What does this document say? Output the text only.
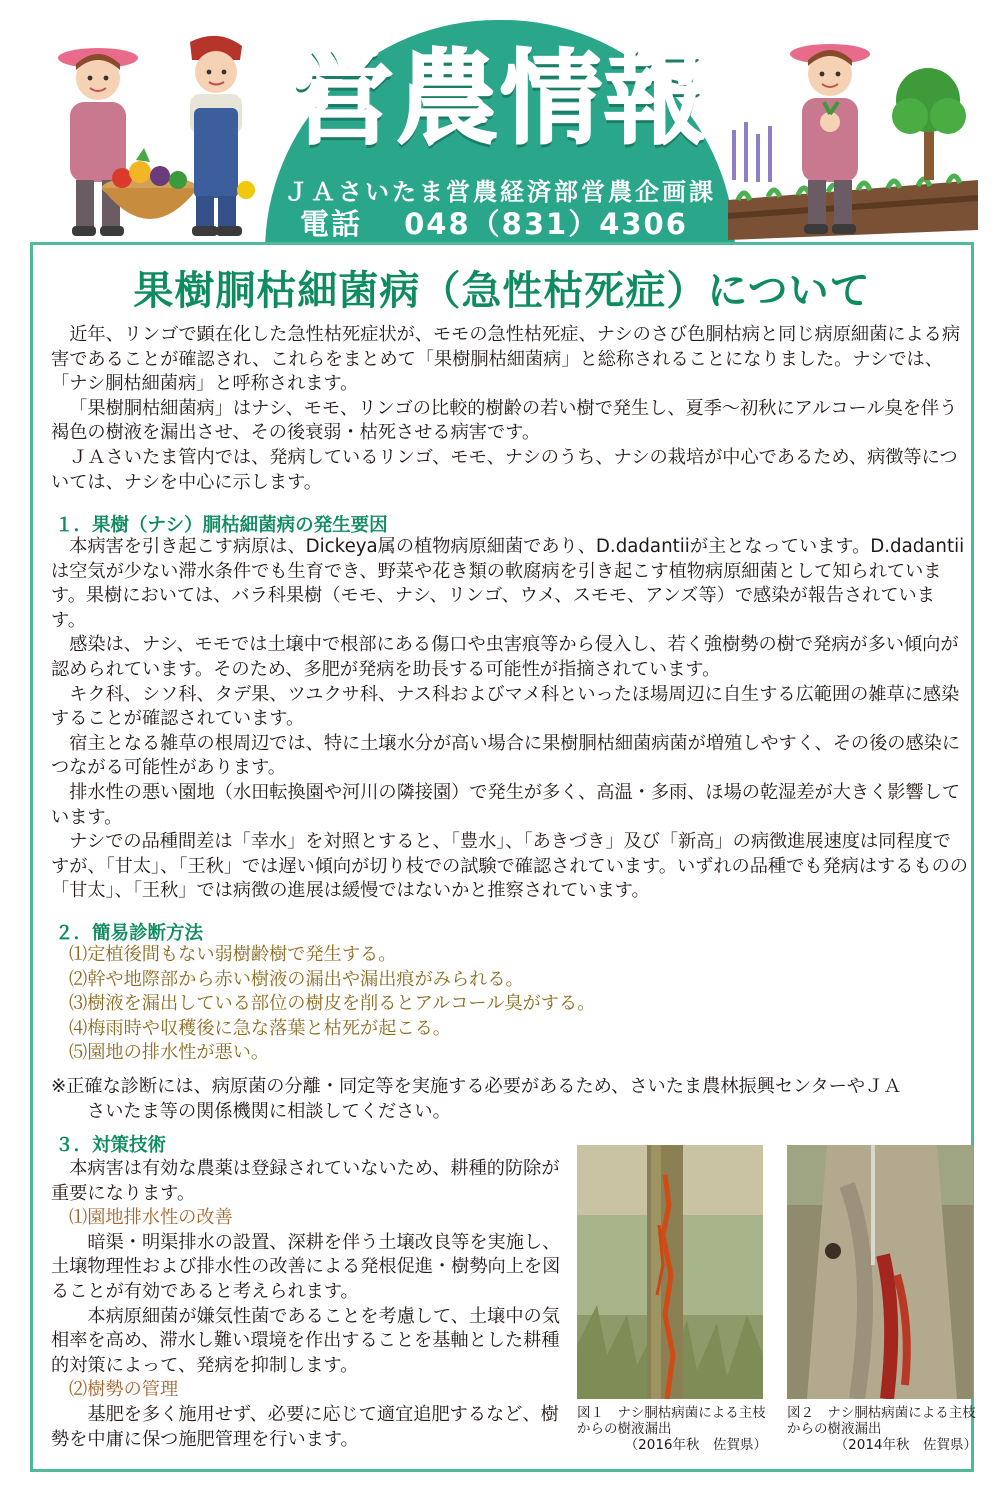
営農情報
ＪＡさいたま営農経済部営農企画課
電話 048（831）4306
果樹胴枯細菌病（急性枯死症）について

近年、リンゴで顕在化した急性枯死症状が、モモの急性枯死症、ナシのさび色胴枯病と同じ病原細菌による病害であることが確認され、これらをまとめて「果樹胴枯細菌病」と総称されることになりました。ナシでは、「ナシ胴枯細菌病」と呼称されます。

「果樹胴枯細菌病」はナシ、モモ、リンゴの比較的樹齢の若い樹で発生し、夏季～初秋にアルコール臭を伴う褐色の樹液を漏出させ、その後衰弱・枯死させる病害です。

ＪＡさいたま管内では、発病しているリンゴ、モモ、ナシのうち、ナシの栽培が中心であるため、病徴等については、ナシを中心に示します。

１．果樹（ナシ）胴枯細菌病の発生要因

本病害を引き起こす病原は、Dickeya属の植物病原細菌であり、D.dadantiiが主となっています。D.dadantiiは空気が少ない滞水条件でも生育でき、野菜や花き類の軟腐病を引き起こす植物病原細菌として知られています。果樹においては、バラ科果樹（モモ、ナシ、リンゴ、ウメ、スモモ、アンズ等）で感染が報告されています。

感染は、ナシ、モモでは土壌中で根部にある傷口や虫害痕等から侵入し、若く強樹勢の樹で発病が多い傾向が認められています。そのため、多肥が発病を助長する可能性が指摘されています。

キク科、シソ科、タデ果、ツユクサ科、ナス科およびマメ科といったほ場周辺に自生する広範囲の雑草に感染することが確認されています。

宿主となる雑草の根周辺では、特に土壌水分が高い場合に果樹胴枯細菌病菌が増殖しやすく、その後の感染につながる可能性があります。

排水性の悪い園地（水田転換園や河川の隣接園）で発生が多く、高温・多雨、ほ場の乾湿差が大きく影響しています。

ナシでの品種間差は「幸水」を対照とすると、「豊水」、「あきづき」及び「新高」の病徴進展速度は同程度ですが、「甘太」、「王秋」では遅い傾向が切り枝での試験で確認されています。いずれの品種でも発病はするものの「甘太」、「王秋」では病徴の進展は緩慢ではないかと推察されています。

２．簡易診断方法
⑴定植後間もない弱樹齢樹で発生する。
⑵幹や地際部から赤い樹液の漏出や漏出痕がみられる。
⑶樹液を漏出している部位の樹皮を削るとアルコール臭がする。
⑷梅雨時や収穫後に急な落葉と枯死が起こる。
⑸園地の排水性が悪い。
※正確な診断には、病原菌の分離・同定等を実施する必要があるため、さいたま農林振興センターやＪＡ
さいたま等の関係機関に相談してください。
３．対策技術

本病害は有効な農薬は登録されていないため、耕種的防除が重要になります。

⑴園地排水性の改善

暗渠・明渠排水の設置、深耕を伴う土壌改良等を実施し、土壌物理性および排水性の改善による発根促進・樹勢向上を図ることが有効であると考えられます。

本病原細菌が嫌気性菌であることを考慮して、土壌中の気相率を高め、滞水し難い環境を作出することを基軸とした耕種的対策によって、発病を抑制します。

⑵樹勢の管理

基肥を多く施用せず、必要に応じて適宜追肥するなど、樹勢を中庸に保つ施肥管理を行います。

図１　ナシ胴枯病菌による主枝からの樹液漏出
（2016年秋　佐賀県）
図２　ナシ胴枯病菌による主枝からの樹液漏出
（2014年秋　佐賀県）
